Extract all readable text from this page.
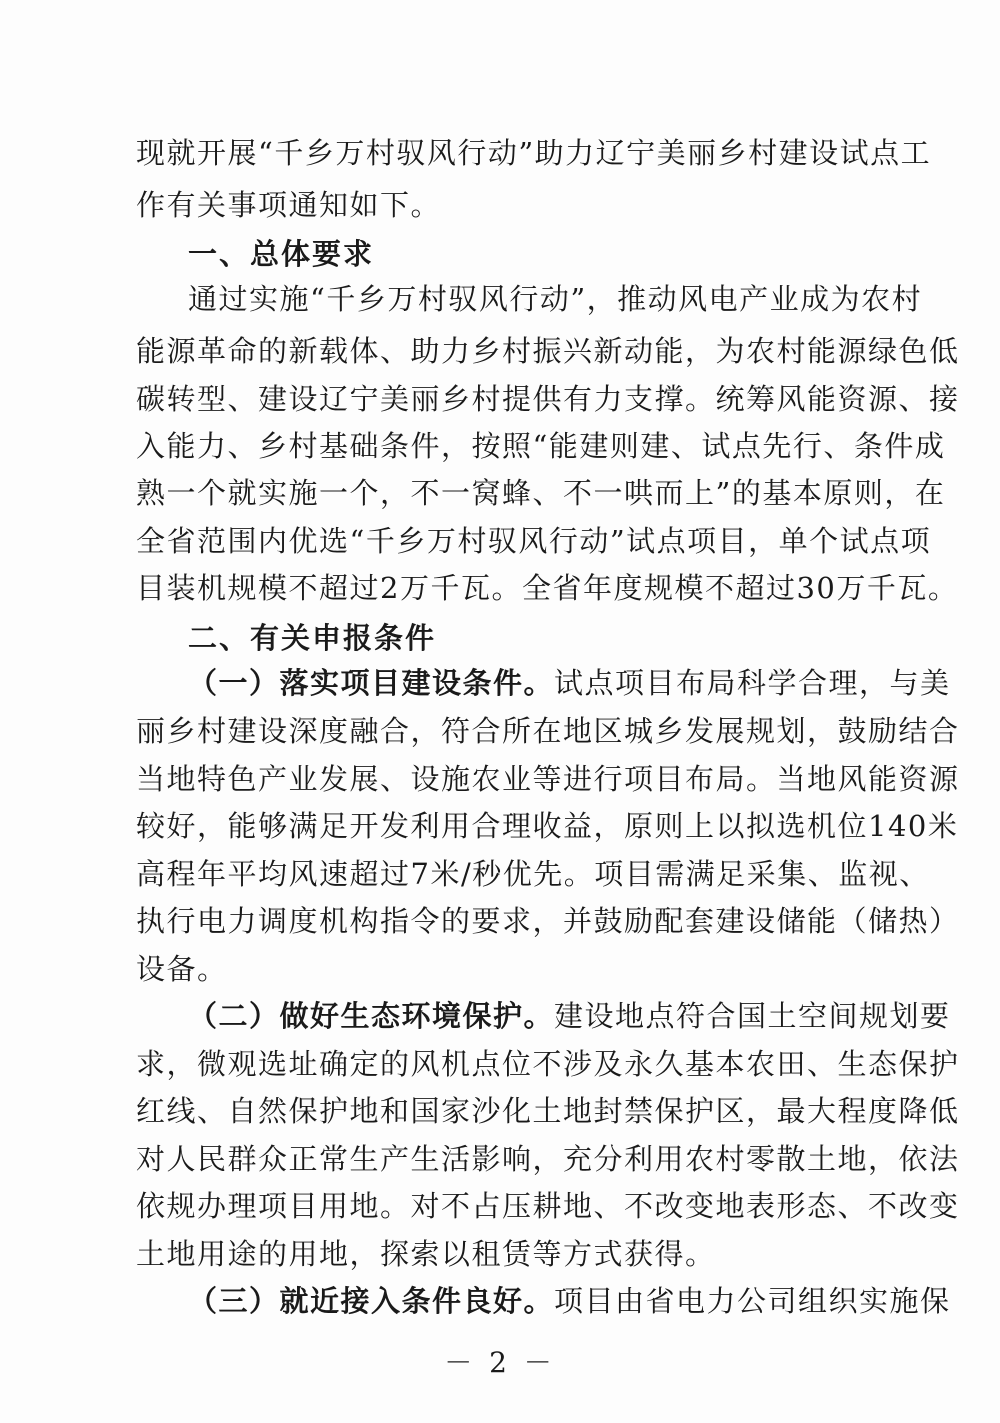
现就开展“千乡万村驭风行动”助力辽宁美丽乡村建设试点工
作有关事项通知如下。
一、总体要求
通过实施“千乡万村驭风行动”，推动风电产业成为农村
能源革命的新载体、助力乡村振兴新动能，为农村能源绿色低
碳转型、建设辽宁美丽乡村提供有力支撑。统筹风能资源、接
入能力、乡村基础条件，按照“能建则建、试点先行、条件成
熟一个就实施一个，不一窝蜂、不一哄而上”的基本原则，在
全省范围内优选“千乡万村驭风行动”试点项目，单个试点项
目装机规模不超过2万千瓦。全省年度规模不超过30万千瓦。
二、有关申报条件
（一）落实项目建设条件。试点项目布局科学合理，与美
丽乡村建设深度融合，符合所在地区城乡发展规划，鼓励结合
当地特色产业发展、设施农业等进行项目布局。当地风能资源
较好，能够满足开发利用合理收益，原则上以拟选机位140米
高程年平均风速超过7米/秒优先。项目需满足采集、监视、
执行电力调度机构指令的要求，并鼓励配套建设储能（储热）
设备。
（二）做好生态环境保护。建设地点符合国土空间规划要
求，微观选址确定的风机点位不涉及永久基本农田、生态保护
红线、自然保护地和国家沙化土地封禁保护区，最大程度降低
对人民群众正常生产生活影响，充分利用农村零散土地，依法
依规办理项目用地。对不占压耕地、不改变地表形态、不改变
土地用途的用地，探索以租赁等方式获得。
（三）就近接入条件良好。项目由省电力公司组织实施保
－ 2 －
